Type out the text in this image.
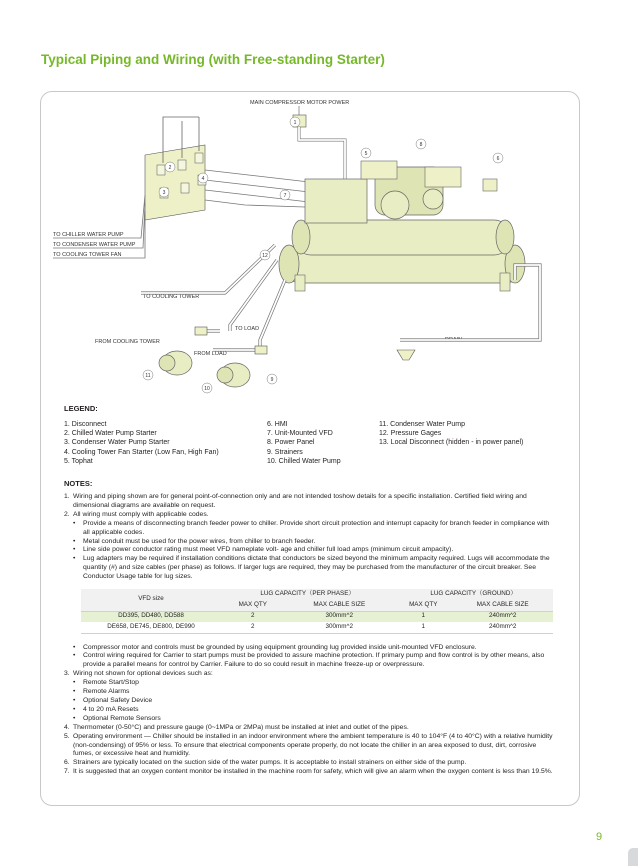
Typical Piping and Wiring (with Free-standing Starter)
MAIN COMPRESSOR MOTOR POWER
TO CHILLER WATER PUMP
TO CONDENSER WATER PUMP
TO COOLING TOWER FAN
TO COOLING TOWER
TO LOAD
FROM COOLING TOWER
FROM LOAD
DRAIN
1
2
3
4
5
6
7
8
9
10
11
12
LEGEND:
1. Disconnect
2. Chilled Water Pump Starter
3. Condenser Water Pump Starter
4. Cooling Tower Fan Starter (Low Fan, High Fan)
5. Tophat
6. HMI
7. Unit-Mounted VFD
8. Power Panel
9. Strainers
10. Chilled Water Pump
11. Condenser Water Pump
12. Pressure Gages
13. Local Disconnect (hidden - in power panel)
NOTES:
1. Wiring and piping shown are for general point-of-connection only and are not intended toshow details for a specific installation. Certified field wiring and dimensional diagrams are available on request.
2. All wiring must comply with applicable codes.
•	Provide a means of disconnecting branch feeder power to chiller. Provide short circuit protection and interrupt capacity for branch feeder in compliance with all applicable codes.
•	Metal conduit must be used for the power wires, from chiller to branch feeder.
•	Line side power conductor rating must meet VFD nameplate volt- age and chiller full load amps (minimum circuit ampacity).
•	Lug adapters may be required if installation conditions dictate that conductors be sized beyond the minimum ampacity required. Lugs will accommodate the quantity (#) and size cables (per phase) as follows. If larger lugs are required, they may be purchased from the manufacturer of the circuit breaker. See Conductor Usage table for lug sizes.
VFD size	LUG CAPACITY（PER PHASE）		LUG CAPACITY（GROUND）	
	MAX QTY	MAX CABLE SIZE	MAX QTY	MAX CABLE SIZE
DD395, DD480, DD588	2	300mm^2	1	240mm^2
DE658, DE745, DE800, DE990	2	300mm^2	1	240mm^2
•	Compressor motor and controls must be grounded by using equipment grounding lug provided inside unit-mounted VFD enclosure.
•	Control wiring required for Carrier to start pumps must be provided to assure machine protection. If primary pump and flow control is by other means, also provide a parallel means for control by Carrier. Failure to do so could result in machine freeze-up or overpressure.
3. Wiring not shown for optional devices such as:
•	Remote Start/Stop
•	Remote Alarms
•	Optional Safety Device
•	4 to 20 mA Resets
•	Optional Remote Sensors
4. Thermometer (0-50°C) and pressure gauge (0~1MPa or 2MPa) must be installed at inlet and outlet of the pipes.
5. Operating environment — Chiller should be installed in an indoor environment where the ambient temperature is 40 to 104°F (4 to 40°C) with a relative humidity (non-condensing) of 95% or less. To ensure that electrical components operate properly, do not locate the chiller in an area exposed to dust, dirt, corrosive fumes, or excessive heat and humidity.
6. Strainers are typically located on the suction side of the water pumps. It is acceptable to install strainers on either side of the pump.
7. It is suggested that an oxygen content monitor be installed in the machine room for safety, which will give an alarm when the oxygen content is less than 19.5%.
9
